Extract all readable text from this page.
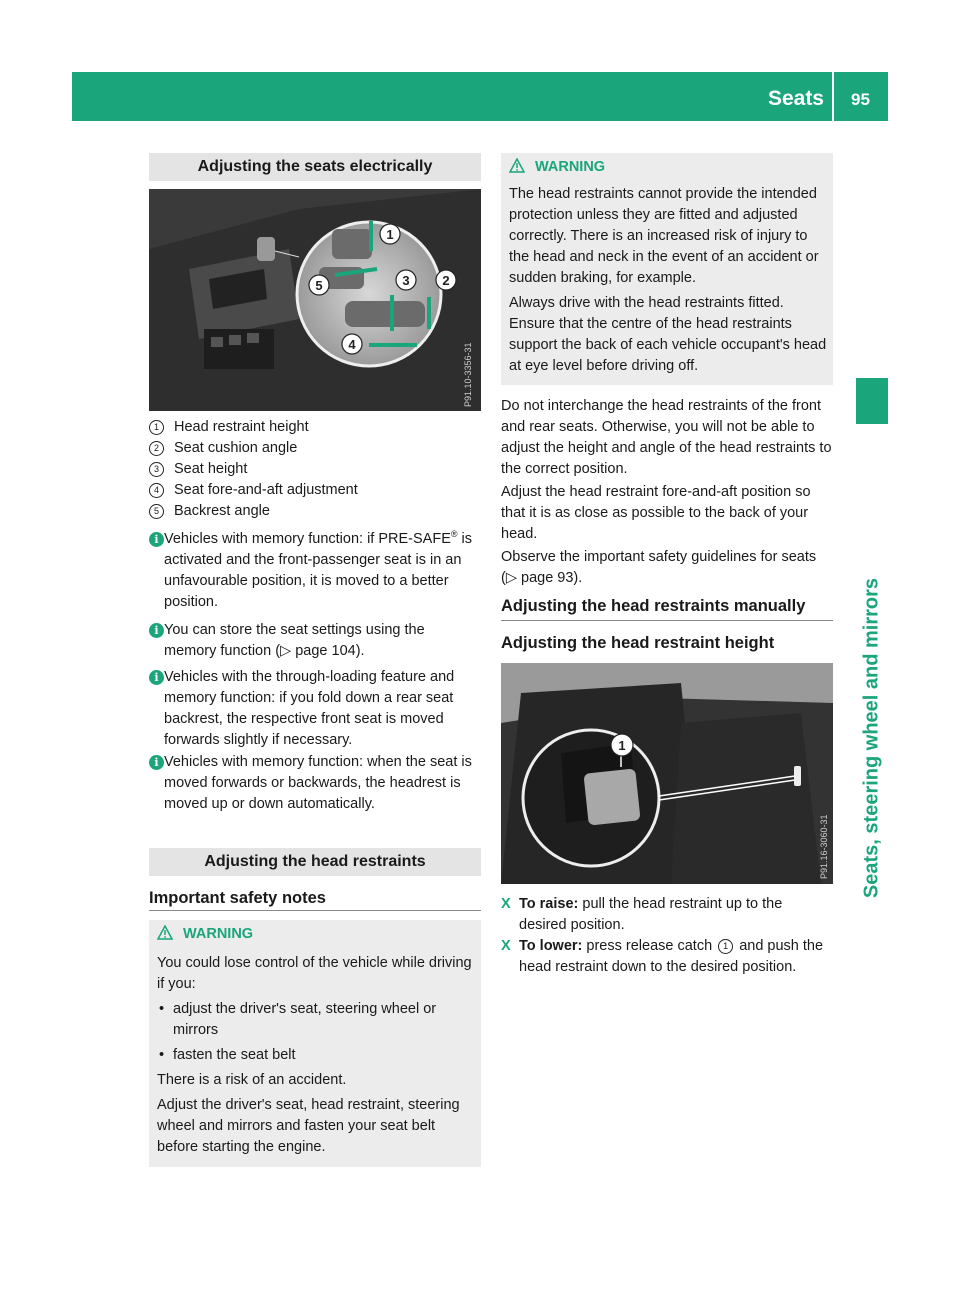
Seats 95
Seats, steering wheel and mirrors
Adjusting the seats electrically
1
2
3
4
5
P91.10-3356-31
1 Head restraint height
2 Seat cushion angle
3 Seat height
4 Seat fore-and-aft adjustment
5 Backrest angle
i Vehicles with memory function: if PRE-SAFE® is activated and the front-passenger seat is in an unfavourable position, it is moved to a better position.
i You can store the seat settings using the memory function (▷ page 104).
i Vehicles with the through-loading feature and memory function: if you fold down a rear seat backrest, the respective front seat is moved forwards slightly if necessary.
i Vehicles with memory function: when the seat is moved forwards or backwards, the headrest is moved up or down automatically.
Adjusting the head restraints
Important safety notes
WARNING
You could lose control of the vehicle while driving if you:
• adjust the driver's seat, steering wheel or mirrors
• fasten the seat belt
There is a risk of an accident.
Adjust the driver's seat, head restraint, steering wheel and mirrors and fasten your seat belt before starting the engine.
WARNING
The head restraints cannot provide the intended protection unless they are fitted and adjusted correctly. There is an increased risk of injury to the head and neck in the event of an accident or sudden braking, for example.
Always drive with the head restraints fitted. Ensure that the centre of the head restraints support the back of each vehicle occupant's head at eye level before driving off.

Do not interchange the head restraints of the front and rear seats. Otherwise, you will not be able to adjust the height and angle of the head restraints to the correct position.

Adjust the head restraint fore-and-aft position so that it is as close as possible to the back of your head.

Observe the important safety guidelines for seats (▷ page 93).

Adjusting the head restraints manually
Adjusting the head restraint height
1
P91.16-3060-31
X To raise: pull the head restraint up to the desired position.
X To lower: press release catch 1 and push the head restraint down to the desired position.
